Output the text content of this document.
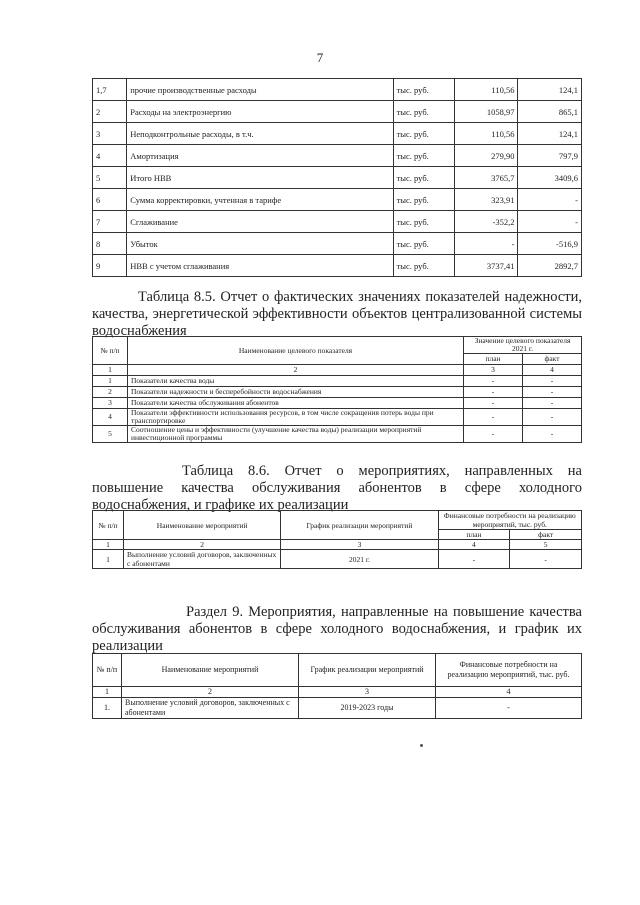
7
1,7	прочие производственные расходы	тыс. руб.	110,56	124,1
2	Расходы на электроэнергию	тыс. руб.	1058,97	865,1
3	Неподконтрольные расходы, в т.ч.	тыс. руб.	110,56	124,1
4	Амортизация	тыс. руб.	279,90	797,9
5	Итого НВВ	тыс. руб.	3765,7	3409,6
6	Сумма корректировки, учтенная в тарифе	тыс. руб.	323,91	-
7	Сглаживание	тыс. руб.	-352,2	-
8	Убыток	тыс. руб.	-	-516,9
9	НВВ с учетом сглаживания	тыс. руб.	3737,41	2892,7
Таблица 8.5. Отчет о фактических значениях показателей надежности, качества, энергетической эффективности объектов централизованной системы водоснабжения
№ п/п	Наименование целевого показателя	Значение целевого показателя 2021 г.	
		план	факт
1	2	3	4
1	Показатели качества воды	-	-
2	Показатели надежности и бесперебойности водоснабжения	-	-
3	Показатели качества обслуживания абонентов	-	-
4	Показатели эффективности использования ресурсов, в том числе сокращения потерь воды при транспортировке	-	-
5	Соотношение цены и эффективности (улучшение качества воды) реализации мероприятий инвестиционной программы	-	-
Таблица 8.6. Отчет о мероприятиях, направленных на повышение качества обслуживания абонентов в сфере холодного водоснабжения, и графике их реализации
№ п/п	Наименование мероприятий	График реализации мероприятий	Финансовые потребности на реализацию мероприятий, тыс. руб.	
			план	факт
1	2	3	4	5
1	Выполнение условий договоров, заключенных с абонентами	2021 г.	-	-
Раздел 9. Мероприятия, направленные на повышение качества обслуживания абонентов в сфере холодного водоснабжения, и график их реализации
№ п/п	Наименование мероприятий	График реализации мероприятий	Финансовые потребности на реализацию мероприятий, тыс. руб.
1	2	3	4
1.	Выполнение условий договоров, заключенных с абонентами	2019-2023 годы	-
